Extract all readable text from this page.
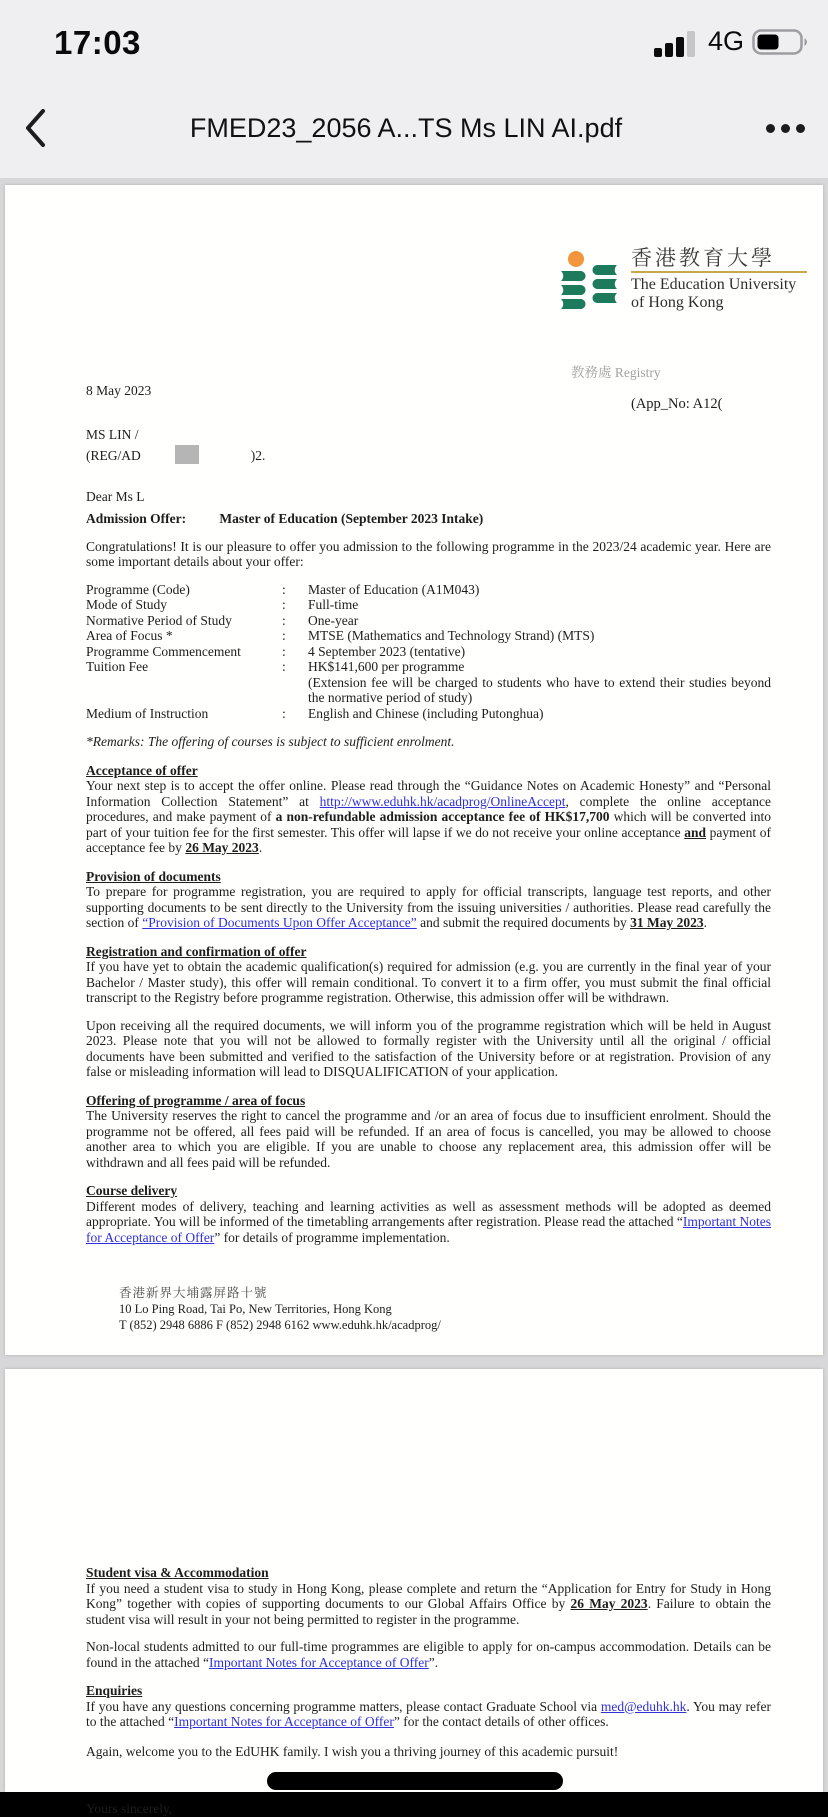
17:03	4G
FMED23_2056 A...TS Ms LIN AI.pdf
香港教育大學
The Education University
of Hong Kong
教務處 Registry
(App_No: A12(
8 May 2023
MS LIN /
(REG/AD	)2.
Dear Ms L

Admission Offer: Master of Education (September 2023 Intake)

Congratulations! It is our pleasure to offer you admission to the following programme in the 2023/24 academic year. Here are some important details about your offer:

Programme (Code)	:	Master of Education (A1M043)
Mode of Study	:	Full-time
Normative Period of Study	:	One-year
Area of Focus *	:	MTSE (Mathematics and Technology Strand) (MTS)
Programme Commencement	:	4 September 2023 (tentative)
Tuition Fee	:	HK$141,600 per programme
(Extension fee will be charged to students who have to extend their studies beyond the normative period of study)
Medium of Instruction	:	English and Chinese (including Putonghua)

*Remarks: The offering of courses is subject to sufficient enrolment.

Acceptance of offer

Your next step is to accept the offer online. Please read through the “Guidance Notes on Academic Honesty” and “Personal Information Collection Statement” at http://www.eduhk.hk/acadprog/OnlineAccept, complete the online acceptance procedures, and make payment of a non-refundable admission acceptance fee of HK$17,700 which will be converted into part of your tuition fee for the first semester. This offer will lapse if we do not receive your online acceptance and payment of acceptance fee by 26 May 2023.

Provision of documents

To prepare for programme registration, you are required to apply for official transcripts, language test reports, and other supporting documents to be sent directly to the University from the issuing universities / authorities. Please read carefully the section of “Provision of Documents Upon Offer Acceptance” and submit the required documents by 31 May 2023.

Registration and confirmation of offer

If you have yet to obtain the academic qualification(s) required for admission (e.g. you are currently in the final year of your Bachelor / Master study), this offer will remain conditional. To convert it to a firm offer, you must submit the final official transcript to the Registry before programme registration. Otherwise, this admission offer will be withdrawn.

Upon receiving all the required documents, we will inform you of the programme registration which will be held in August 2023. Please note that you will not be allowed to formally register with the University until all the original / official documents have been submitted and verified to the satisfaction of the University before or at registration. Provision of any false or misleading information will lead to DISQUALIFICATION of your application.

Offering of programme / area of focus

The University reserves the right to cancel the programme and /or an area of focus due to insufficient enrolment. Should the programme not be offered, all fees paid will be refunded. If an area of focus is cancelled, you may be allowed to choose another area to which you are eligible. If you are unable to choose any replacement area, this admission offer will be withdrawn and all fees paid will be refunded.

Course delivery

Different modes of delivery, teaching and learning activities as well as assessment methods will be adopted as deemed appropriate. You will be informed of the timetabling arrangements after registration. Please read the attached “Important Notes for Acceptance of Offer” for details of programme implementation.

香港新界大埔露屏路十號
10 Lo Ping Road, Tai Po, New Territories, Hong Kong
T (852) 2948 6886 F (852) 2948 6162 www.eduhk.hk/acadprog/
Student visa & Accommodation

If you need a student visa to study in Hong Kong, please complete and return the “Application for Entry for Study in Hong Kong” together with copies of supporting documents to our Global Affairs Office by 26 May 2023. Failure to obtain the student visa will result in your not being permitted to register in the programme.

Non-local students admitted to our full-time programmes are eligible to apply for on-campus accommodation. Details can be found in the attached “Important Notes for Acceptance of Offer”.

Enquiries

If you have any questions concerning programme matters, please contact Graduate School via med@eduhk.hk. You may refer to the attached “Important Notes for Acceptance of Offer” for the contact details of other offices.

Again, welcome you to the EdUHK family. I wish you a thriving journey of this academic pursuit!

Yours sincerely,
